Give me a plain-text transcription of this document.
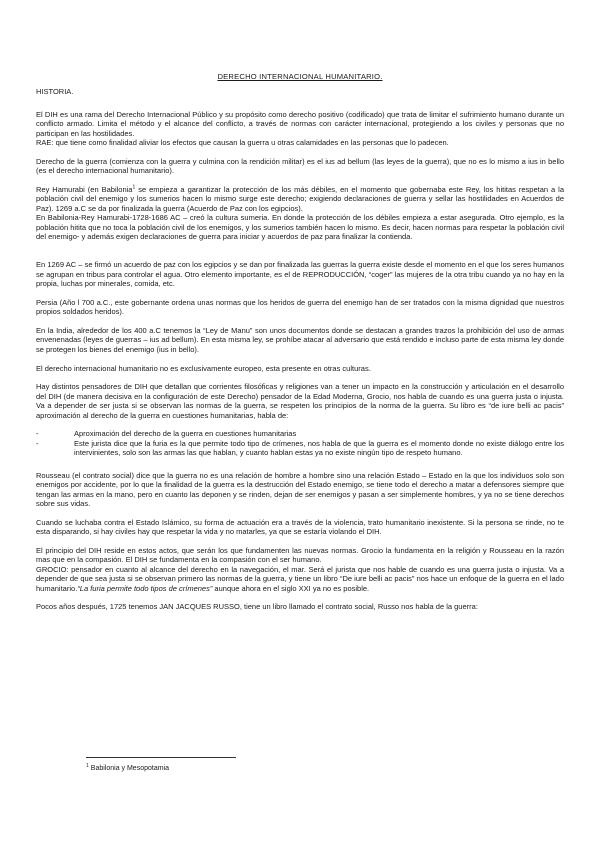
DERECHO INTERNACIONAL HUMANITARIO.
HISTORIA.

El DIH es una rama del Derecho Internacional Público y su propósito como derecho positivo (codificado) que trata de limitar el sufrimiento humano durante un conflicto armado. Limita el método y el alcance del conflicto, a través de normas con carácter internacional, protegiendo a los civiles y personas que no participan en las hostilidades.

RAE: que tiene como finalidad aliviar los efectos que causan la guerra u otras calamidades en las personas que lo padecen.

Derecho de la guerra (comienza con la guerra y culmina con la rendición militar) es el ius ad bellum (las leyes de la guerra), que no es lo mismo a ius in bello (es el derecho internacional humanitario).

Rey Hamurabi (en Babilonia$^1$ se empieza a garantizar la protección de los más débiles, en el momento que gobernaba este Rey, los hititas respetan a la población civil del enemigo y los sumerios hacen lo mismo surge este derecho; exigiendo declaraciones de guerra y sellar las hostilidades en Acuerdos de Paz). 1269 a.C se da por finalizada la guerra (Acuerdo de Paz con los egipcios).

En Babilonia-Rey Hamurabi-1728-1686 AC – creó la cultura sumeria. En donde la protección de los débiles empieza a estar asegurada. Otro ejemplo, es la población hitita que no toca la población civil de los enemigos, y los sumerios también hacen lo mismo. Es decir, hacen normas para respetar la población civil del enemigo- y además exigen declaraciones de guerra para iniciar y acuerdos de paz para finalizar la contienda.

En 1269 AC – se firmó un acuerdo de paz con los egipcios y se dan por finalizada las guerras la guerra existe desde el momento en el que los seres humanos se agrupan en tribus para controlar el agua. Otro elemento importante, es el de REPRODUCCIÓN, “coger” las mujeres de la otra tribu cuando ya no hay en la propia, luchas por minerales, comida, etc.

Persia (Año l 700 a.C., este gobernante ordena unas normas que los heridos de guerra del enemigo han de ser tratados con la misma dignidad que nuestros propios soldados heridos).

En la India, alrededor de los 400 a.C tenemos la “Ley de Manu” son unos documentos donde se destacan a grandes trazos la prohibición del uso de armas envenenadas (leyes de guerras – ius ad bellum). En esta misma ley, se prohíbe atacar al adversario que está rendido e incluso parte de esta misma ley donde se protegen los bienes del enemigo (ius in bello).

El derecho internacional humanitario no es exclusivamente europeo, esta presente en otras culturas.

Hay distintos pensadores de DIH que detallan que corrientes filosóficas y religiones van a tener un impacto en la construcción y articulación en el desarrollo del DIH (de manera decisiva en la configuración de este Derecho) pensador de la Edad Moderna, Grocio, nos habla de cuando es una guerra justa o injusta. Va a depender de ser justa si se observan las normas de la guerra, se respeten los principios de la norma de la guerra. Su libro es “de iure belli ac pacis” aproximación al derecho de la guerra en cuestiones humanitarias, habla de:

-	Aproximación del derecho de la guerra en cuestiones humanitarias
-	Este jurista dice que la furia es la que permite todo tipo de crímenes, nos habla de que la guerra es el momento donde no existe diálogo entre los intervinientes, solo son las armas las que hablan, y cuanto hablan estas ya no existe ningún tipo de respeto humano.

Rousseau (el contrato social) dice que la guerra no es una relación de hombre a hombre sino una relación Estado – Estado en la que los individuos solo son enemigos por accidente, por lo que la finalidad de la guerra es la destrucción del Estado enemigo, se tiene todo el derecho a matar a defensores siempre que tengan las armas en la mano, pero en cuanto las deponen y se rinden, dejan de ser enemigos y pasan a ser simplemente hombres, y ya no se tiene derechos sobre sus vidas.

Cuando se luchaba contra el Estado Islámico, su forma de actuación era a través de la violencia, trato humanitario inexistente. Si la persona se rinde, no te esta disparando, si hay civiles hay que respetar la vida y no matarles, ya que se estaría violando el DIH.

El principio del DIH reside en estos actos, que serán los que fundamenten las nuevas normas. Grocio la fundamenta en la religión y Rousseau en la razón mas que en la compasión. El DIH se fundamenta en la compasión con el ser humano.

GROCIO: pensador en cuanto al alcance del derecho en la navegación, el mar. Será el jurista que nos hable de cuando es una guerra justa o injusta. Va a depender de que sea justa si se observan primero las normas de la guerra, y tiene un libro “De iure belli ac pacis” nos hace un enfoque de la guerra en el lado humanitario.“La furia permite todo tipos de crímenes” aunque ahora en el siglo XXI ya no es posible.

Pocos años después, 1725 tenemos JAN JACQUES RUSSO, tiene un libro llamado el contrato social, Russo nos habla de la guerra:

$^1$ Babilonia y Mesopotamia
